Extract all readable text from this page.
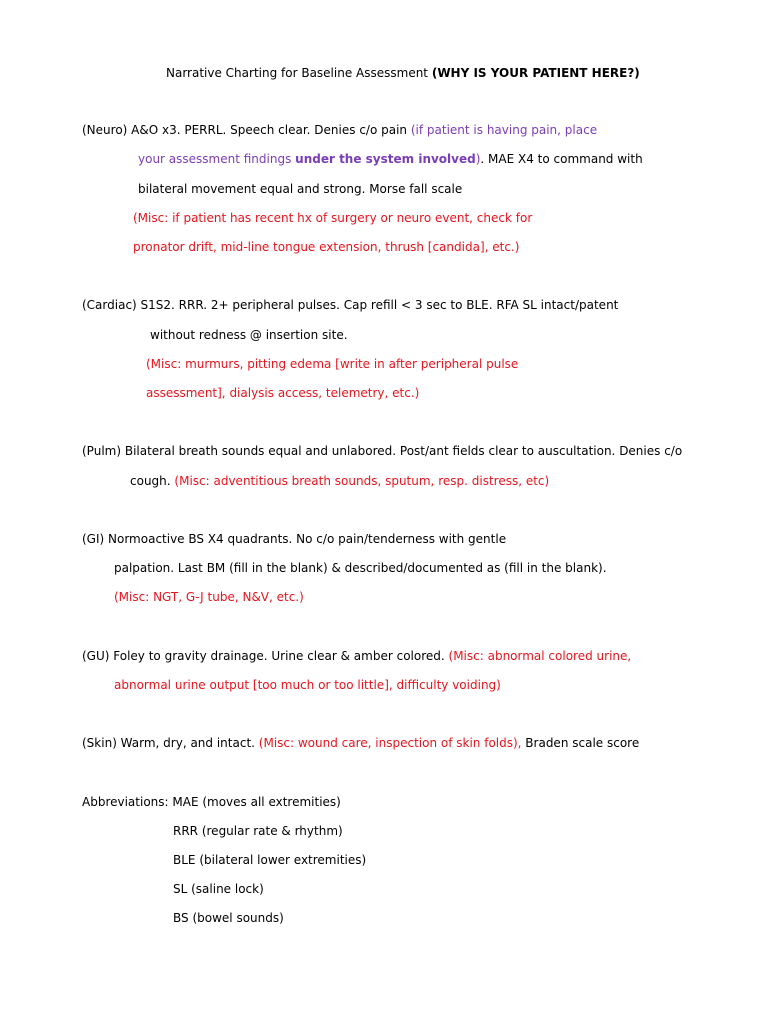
Narrative Charting for Baseline Assessment (WHY IS YOUR PATIENT HERE?)
(Neuro) A&O x3. PERRL. Speech clear. Denies c/o pain (if patient is having pain, place
your assessment findings under the system involved). MAE X4 to command with
bilateral movement equal and strong. Morse fall scale
(Misc: if patient has recent hx of surgery or neuro event, check for
pronator drift, mid-line tongue extension, thrush [candida], etc.)
(Cardiac) S1S2. RRR. 2+ peripheral pulses. Cap refill < 3 sec to BLE. RFA SL intact/patent
without redness @ insertion site.
(Misc: murmurs, pitting edema [write in after peripheral pulse
assessment], dialysis access, telemetry, etc.)
(Pulm) Bilateral breath sounds equal and unlabored. Post/ant fields clear to auscultation. Denies c/o
cough. (Misc: adventitious breath sounds, sputum, resp. distress, etc)
(GI) Normoactive BS X4 quadrants. No c/o pain/tenderness with gentle
palpation. Last BM (fill in the blank) & described/documented as (fill in the blank).
(Misc: NGT, G-J tube, N&V, etc.)
(GU) Foley to gravity drainage. Urine clear & amber colored. (Misc: abnormal colored urine,
abnormal urine output [too much or too little], difficulty voiding)
(Skin) Warm, dry, and intact. (Misc: wound care, inspection of skin folds), Braden scale score
Abbreviations: MAE (moves all extremities)
RRR (regular rate & rhythm)
BLE (bilateral lower extremities)
SL (saline lock)
BS (bowel sounds)
